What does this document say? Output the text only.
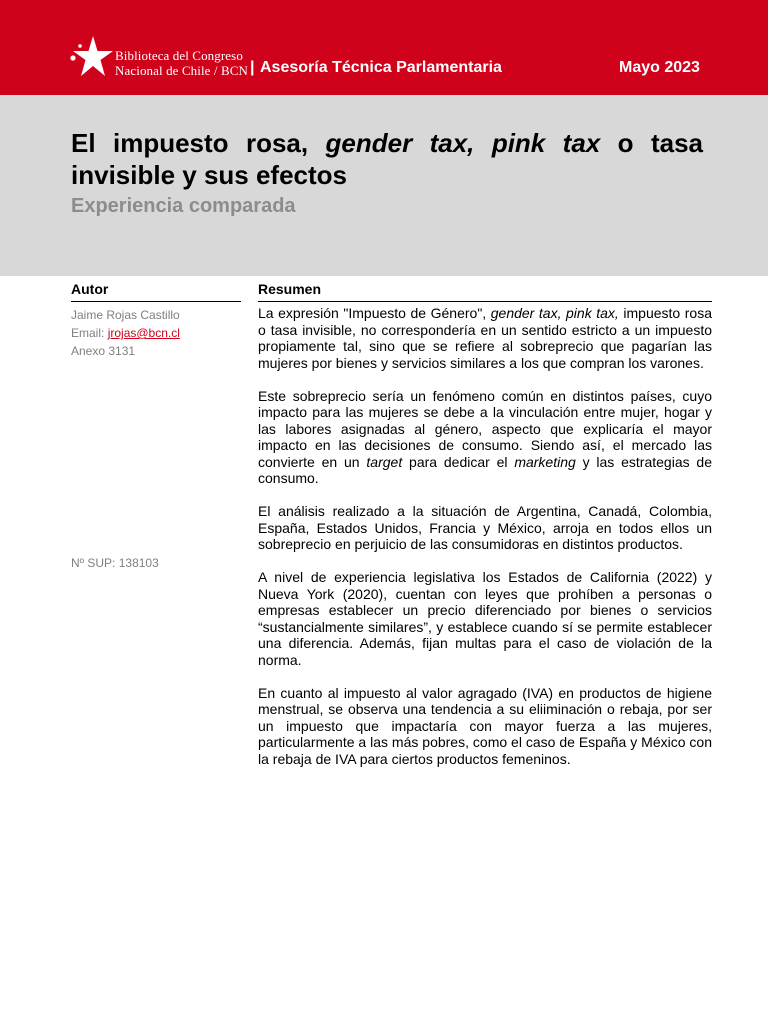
Biblioteca del Congreso
Nacional de Chile / BCN | Asesoría Técnica Parlamentaria	Mayo 2023
El impuesto rosa, gender tax, pink tax o tasa invisible y sus efectos
Experiencia comparada
Autor
Jaime Rojas Castillo
Email: jrojas@bcn.cl
Anexo 3131
Nº SUP: 138103
Resumen

La expresión "Impuesto de Género", gender tax, pink tax, impuesto rosa o tasa invisible, no correspondería en un sentido estricto a un impuesto propiamente tal, sino que se refiere al sobreprecio que pagarían las mujeres por bienes y servicios similares a los que compran los varones.

Este sobreprecio sería un fenómeno común en distintos países, cuyo impacto para las mujeres se debe a la vinculación entre mujer, hogar y las labores asignadas al género, aspecto que explicaría el mayor impacto en las decisiones de consumo. Siendo así, el mercado las convierte en un target para dedicar el marketing y las estrategias de consumo.

El análisis realizado a la situación de Argentina, Canadá, Colombia, España, Estados Unidos, Francia y México, arroja en todos ellos un sobreprecio en perjuicio de las consumidoras en distintos productos.

A nivel de experiencia legislativa los Estados de California (2022) y Nueva York (2020), cuentan con leyes que prohíben a personas o empresas establecer un precio diferenciado por bienes o servicios “sustancialmente similares”, y establece cuando sí se permite establecer una diferencia. Además, fijan multas para el caso de violación de la norma.

En cuanto al impuesto al valor agragado (IVA) en productos de higiene menstrual, se observa una tendencia a su eliiminación o rebaja, por ser un impuesto que impactaría con mayor fuerza a las mujeres, particularmente a las más pobres, como el caso de España y México con la rebaja de IVA para ciertos productos femeninos.
